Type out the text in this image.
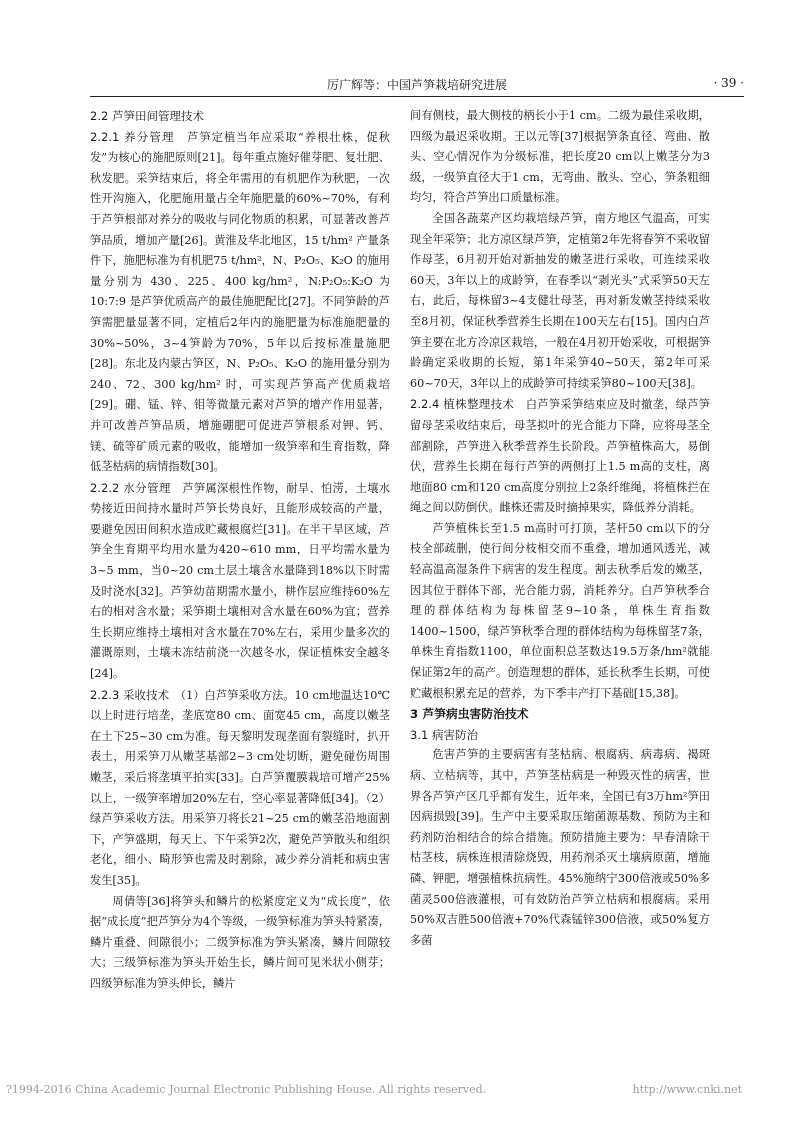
厉广辉等：中国芦笋栽培研究进展	· 39 ·
2.2 芦笋田间管理技术

2.2.1 养分管理　 芦笋定植当年应采取“养根壮株，促秋发”为核心的施肥原则[21]。每年重点施好催芽肥、复壮肥、秋发肥。采笋结束后，将全年需用的有机肥作为秋肥，一次性开沟施入，化肥施用量占全年施肥量的60%~70%，有利于芦笋根部对养分的吸收与同化物质的积累，可显著改善芦笋品质，增加产量[26]。黄淮及华北地区，15 t/hm² 产量条件下，施肥标准为有机肥75 t/hm²，N、P₂O₅、K₂O 的施用量分别为 430、225、400 kg/hm²，N:P₂O₅:K₂O 为 10:7:9 是芦笋优质高产的最佳施肥配比[27]。不同笋龄的芦笋需肥量显著不同，定植后2年内的施肥量为标准施肥量的30%~50%，3~4笋龄为70%，5年以后按标准量施肥[28]。东北及内蒙古笋区，N、P₂O₅、K₂O 的施用量分别为 240、72、300 kg/hm² 时，可实现芦笋高产优质栽培[29]。硼、锰、锌、钼等微量元素对芦笋的增产作用显著，并可改善芦笋品质，增施硼肥可促进芦笋根系对钾、钙、镁、硫等矿质元素的吸收，能增加一级笋率和生育指数，降低茎枯病的病情指数[30]。

2.2.2 水分管理　 芦笋属深根性作物，耐旱、怕涝，土壤水势接近田间持水量时芦笋长势良好，且能形成较高的产量，要避免因田间积水造成贮藏根腐烂[31]。在半干旱区域，芦笋全生育期平均用水量为420~610 mm，日平均需水量为3~5 mm，当0~20 cm土层土壤含水量降到18%以下时需及时浇水[32]。芦笋幼苗期需水量小，耕作层应维持60%左右的相对含水量；采笋期土壤相对含水量在60%为宜；营养生长期应维持土壤相对含水量在70%左右，采用少量多次的灌溉原则，土壤未冻结前浇一次越冬水，保证植株安全越冬[24]。

2.2.3 采收技术　 （1）白芦笋采收方法。10 cm地温达10℃以上时进行培垄，垄底宽80 cm、面宽45 cm，高度以嫩茎在土下25~30 cm为准。每天黎明发现垄面有裂缝时，扒开表土，用采笋刀从嫩茎基部2~3 cm处切断，避免碰伤周围嫩茎，采后将垄填平拍实[33]。白芦笋覆膜栽培可增产25%以上，一级笋率增加20%左右，空心率显著降低[34]。（2）绿芦笋采收方法。用采笋刀将长21~25 cm的嫩茎沿地面割下，产笋盛期，每天上、下午采笋2次，避免芦笋散头和组织老化，细小、畸形笋也需及时割除，减少养分消耗和病虫害发生[35]。

周倩等[36]将笋头和鳞片的松紧度定义为“成长度”，依据“成长度”把芦笋分为4个等级，一级笋标准为笋头特紧凑，鳞片重叠、间隙很小；二级笋标准为笋头紧凑，鳞片间隙较大；三级笋标准为笋头开始生长，鳞片间可见米状小侧芽；四级笋标准为笋头伸长，鳞片

间有侧枝，最大侧枝的柄长小于1 cm。二级为最佳采收期，四级为最迟采收期。王以元等[37]根据笋条直径、弯曲、散头、空心情况作为分级标准，把长度20 cm以上嫩茎分为3级，一级笋直径大于1 cm，无弯曲、散头、空心，笋条粗细均匀，符合芦笋出口质量标准。

全国各蔬菜产区均栽培绿芦笋，南方地区气温高，可实现全年采笋；北方凉区绿芦笋，定植第2年先将春笋不采收留作母茎，6月初开始对新抽发的嫩茎进行采收，可连续采收60天，3年以上的成龄笋，在春季以“剥光头”式采笋50天左右，此后，每株留3~4支健壮母茎，再对新发嫩茎持续采收至8月初，保证秋季营养生长期在100天左右[15]。国内白芦笋主要在北方冷凉区栽培，一般在4月初开始采收，可根据笋龄确定采收期的长短，第1年采笋40~50天，第2年可采60~70天，3年以上的成龄笋可持续采笋80~100天[38]。

2.2.4 植株整理技术　 白芦笋采笋结束应及时撤垄，绿芦笋留母茎采收结束后，母茎拟叶的光合能力下降，应将母茎全部割除，芦笋进入秋季营养生长阶段。芦笋植株高大，易倒伏，营养生长期在每行芦笋的两侧打上1.5 m高的支柱，离地面80 cm和120 cm高度分别拉上2条纤维绳，将植株拦在绳之间以防倒伏。雌株还需及时摘掉果实，降低养分消耗。

芦笋植株长至1.5 m高时可打顶，茎杆50 cm以下的分枝全部疏删，使行间分枝相交而不重叠，增加通风透光，减轻高温高湿条件下病害的发生程度。割去秋季后发的嫩茎，因其位于群体下部，光合能力弱，消耗养分。白芦笋秋季合理的群体结构为每株留茎9~10条，单株生育指数1400~1500，绿芦笋秋季合理的群体结构为每株留茎7条，单株生育指数1100，单位面积总茎数达19.5万条/hm²就能保证第2年的高产。创造理想的群体，延长秋季生长期，可使贮藏根积累充足的营养，为下季丰产打下基础[15,38]。

3 芦笋病虫害防治技术
3.1 病害防治

危害芦笋的主要病害有茎枯病、根腐病、病毒病、褐斑病、立枯病等，其中，芦笋茎枯病是一种毁灭性的病害，世界各芦笋产区几乎都有发生，近年来，全国已有3万hm²笋田因病损毁[39]。生产中主要采取压缩菌源基数、预防为主和药剂防治相结合的综合措施。预防措施主要为：早春清除干枯茎枝，病株连根清除烧毁，用药剂杀灭土壤病原菌，增施磷、钾肥，增强植株抗病性。45%施纳宁300倍液或50%多菌灵500倍液灌根，可有效防治芦笋立枯病和根腐病。采用50%双吉胜500倍液+70%代森锰锌300倍液，或50%复方多菌

?1994-2016 China Academic Journal Electronic Publishing House. All rights reserved.	http://www.cnki.net
